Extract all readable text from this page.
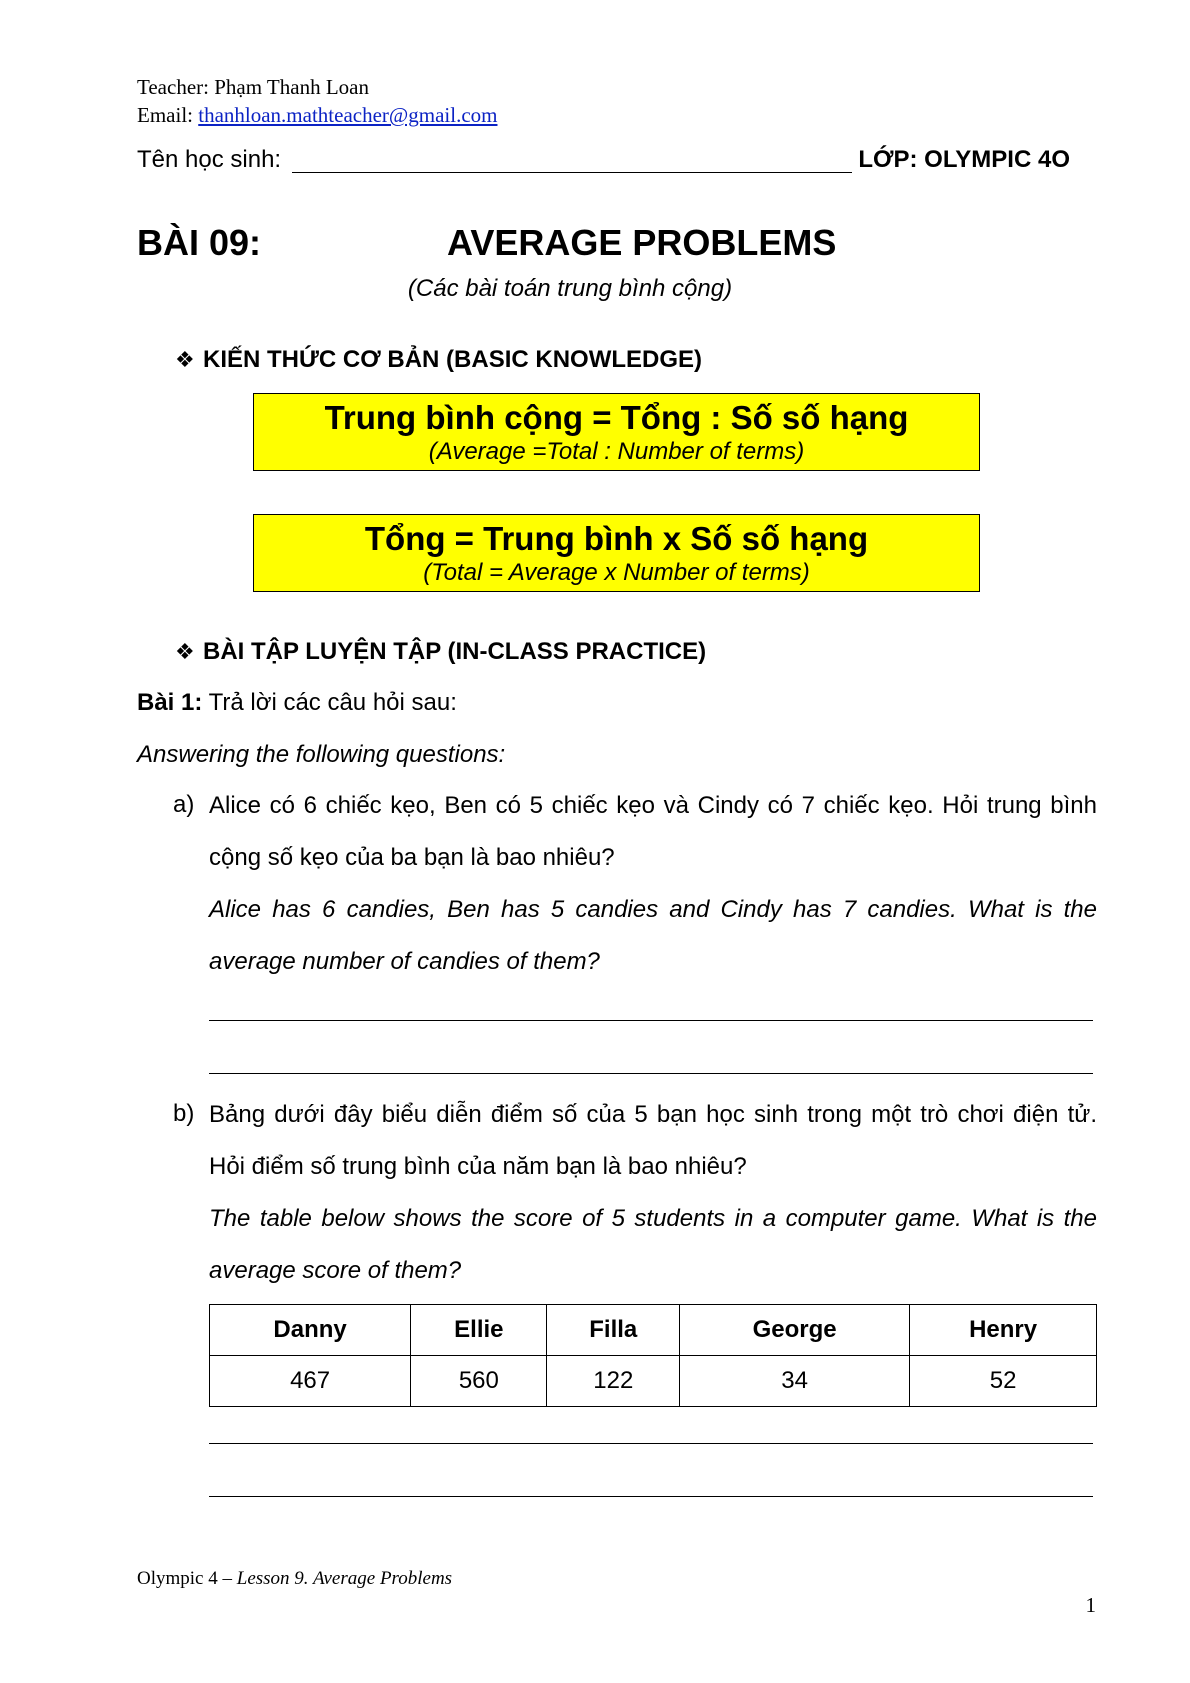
Teacher: Phạm Thanh Loan
Email: thanhloan.mathteacher@gmail.com
Tên học sinh:	LỚP: OLYMPIC 4O
BÀI 09:	AVERAGE PROBLEMS
(Các bài toán trung bình cộng)
❖ KIẾN THỨC CƠ BẢN (BASIC KNOWLEDGE)
Trung bình cộng = Tổng : Số số hạng
(Average =Total : Number of terms)
Tổng = Trung bình x Số số hạng
(Total = Average x Number of terms)
❖ BÀI TẬP LUYỆN TẬP (IN-CLASS PRACTICE)
Bài 1: Trả lời các câu hỏi sau:
Answering the following questions:
a) Alice có 6 chiếc kẹo, Ben có 5 chiếc kẹo và Cindy có 7 chiếc kẹo. Hỏi trung bình cộng số kẹo của ba bạn là bao nhiêu?
Alice has 6 candies, Ben has 5 candies and Cindy has 7 candies. What is the average number of candies of them?
b) Bảng dưới đây biểu diễn điểm số của 5 bạn học sinh trong một trò chơi điện tử. Hỏi điểm số trung bình của năm bạn là bao nhiêu?
The table below shows the score of 5 students in a computer game. What is the average score of them?
Danny	Ellie	Filla	George	Henry
467	560	122	34	52
Olympic 4 – Lesson 9. Average Problems
1
